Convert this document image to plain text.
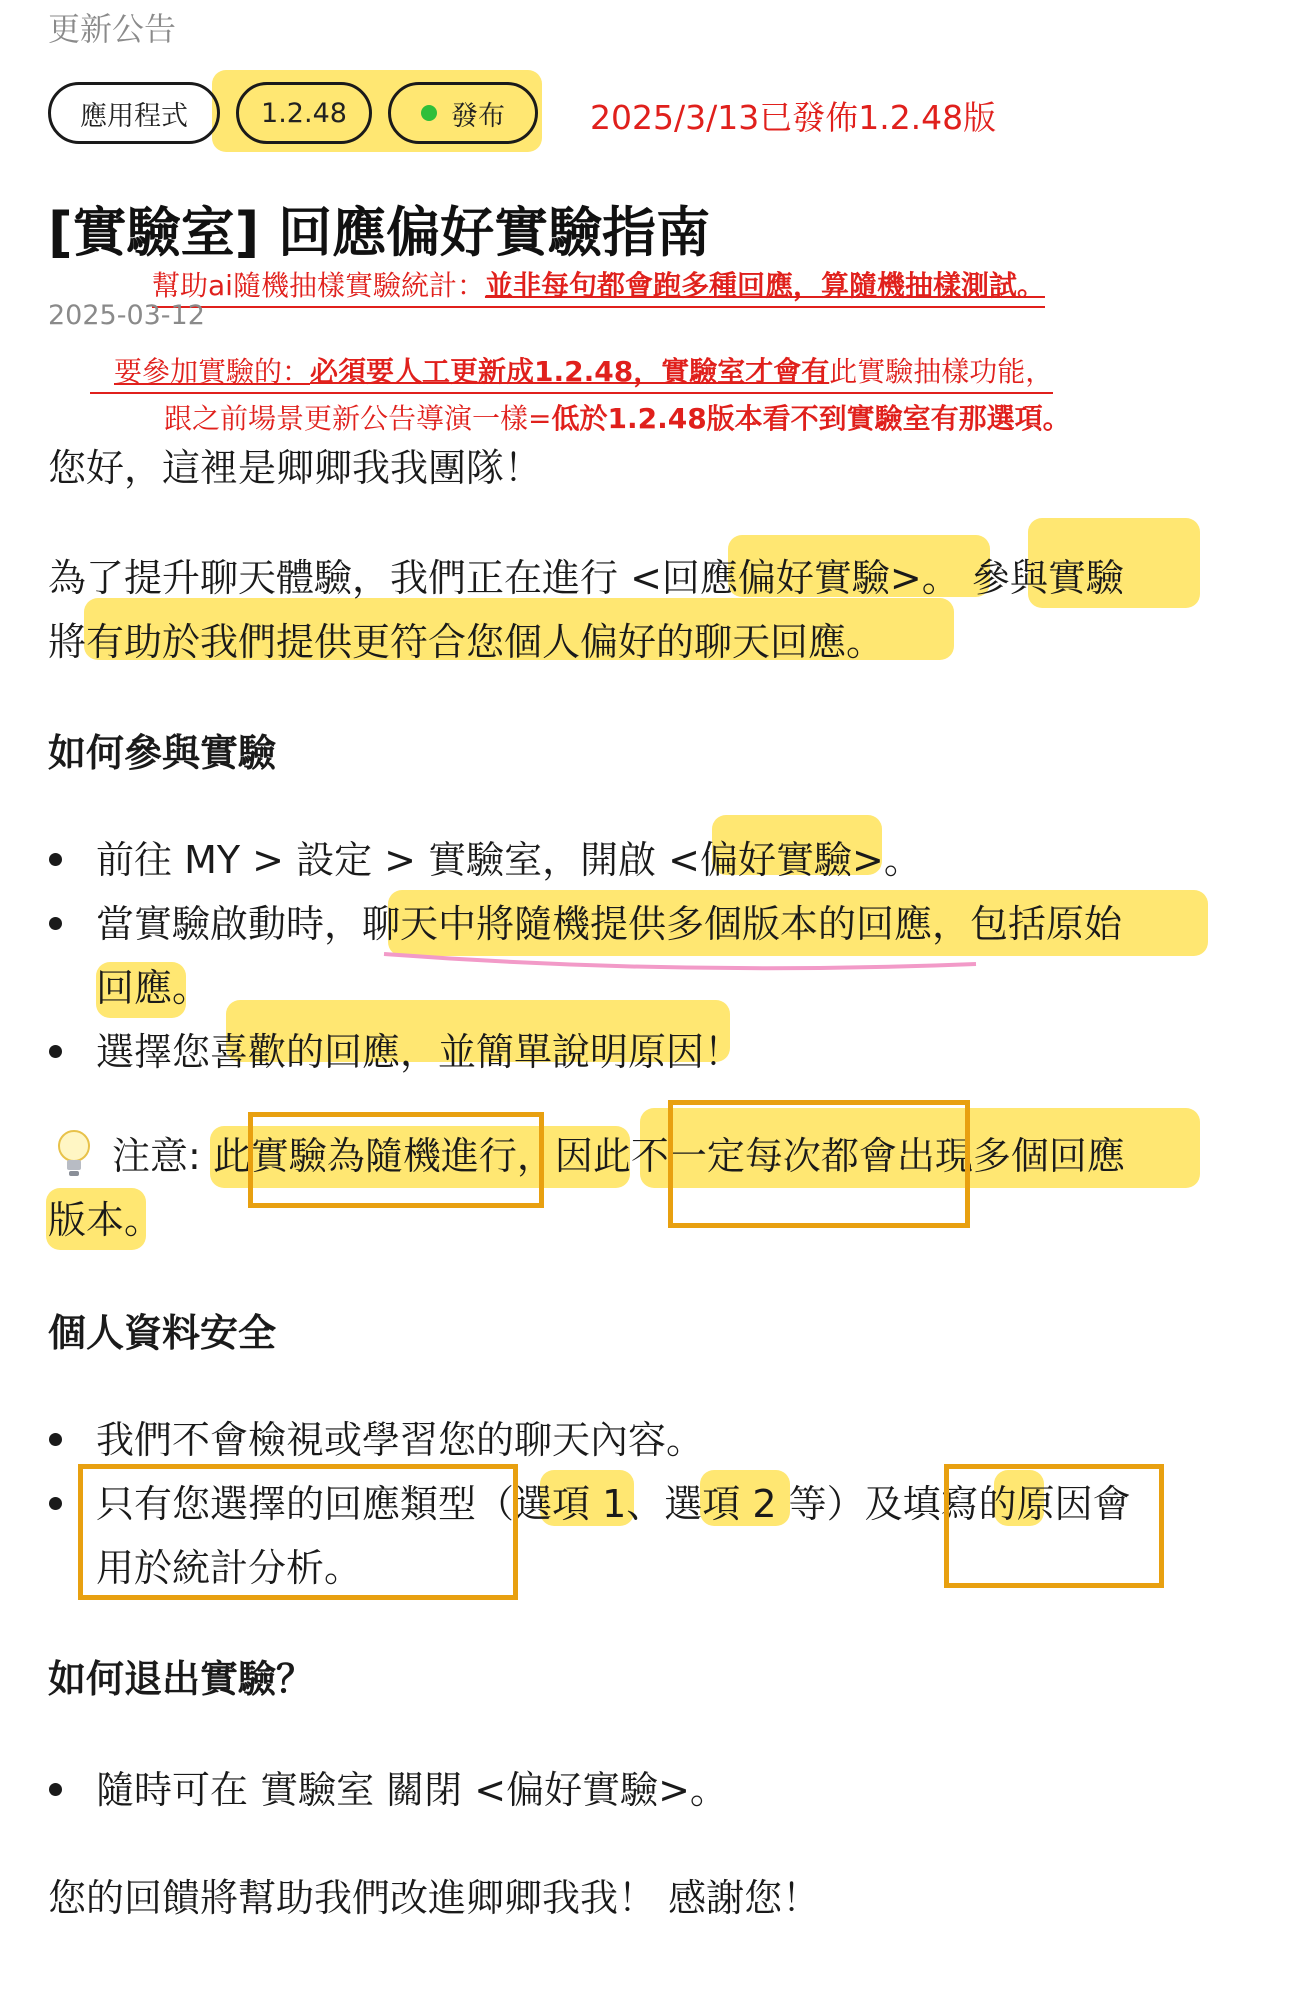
更新公告
應用程式	1.2.48	發布	2025/3/13已發佈1.2.48版
[實驗室] 回應偏好實驗指南
幫助ai隨機抽樣實驗統計：並非每句都會跑多種回應，算隨機抽樣測試。
2025-03-12
要參加實驗的：必須要人工更新成1.2.48，實驗室才會有此實驗抽樣功能，
跟之前場景更新公告導演一樣=低於1.2.48版本看不到實驗室有那選項。
您好，這裡是卿卿我我團隊！
為了提升聊天體驗，我們正在進行 <回應偏好實驗>。 參與實驗
將有助於我們提供更符合您個人偏好的聊天回應。
如何參與實驗
前往 MY > 設定 > 實驗室，開啟 <偏好實驗>。
當實驗啟動時，聊天中將隨機提供多個版本的回應，包括原始
回應。
選擇您喜歡的回應，並簡單說明原因！
注意: 此實驗為隨機進行，因此不一定每次都會出現多個回應
版本。
個人資料安全
我們不會檢視或學習您的聊天內容。
只有您選擇的回應類型（選項 1、選項 2 等）及填寫的原因會
用於統計分析。
如何退出實驗？
隨時可在 實驗室 關閉 <偏好實驗>。
您的回饋將幫助我們改進卿卿我我！ 感謝您！
